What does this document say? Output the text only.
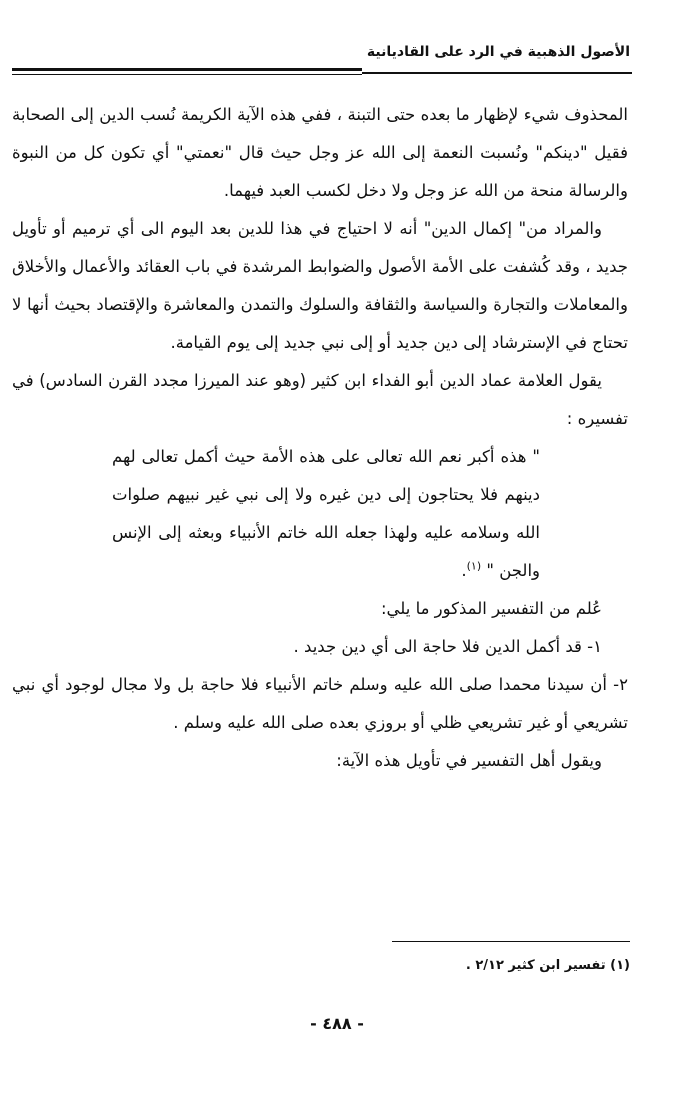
الأصول الذهبية في الرد على القاديانية

المحذوف شيء لإظهار ما بعده حتى التبنة ، ففي هذه الآية الكريمة نُسب الدين إلى الصحابة فقيل "دينكم" ونُسبت النعمة إلى الله عز وجل حيث قال "نعمتي" أي تكون كل من النبوة والرسالة منحة من الله عز وجل ولا دخل لكسب العبد فيهما.

والمراد من" إكمال الدين" أنه لا احتياج في هذا للدين بعد اليوم الى أي ترميم أو تأويل جديد ، وقد كُشفت على الأمة الأصول والضوابط المرشدة في باب العقائد والأعمال والأخلاق والمعاملات والتجارة والسياسة والثقافة والسلوك والتمدن والمعاشرة والإقتصاد بحيث أنها لا تحتاج في الإسترشاد إلى دين جديد أو إلى نبي جديد إلى يوم القيامة.

يقول العلامة عماد الدين أبو الفداء ابن كثير (وهو عند الميرزا مجدد القرن السادس) في تفسيره :

" هذه أكبر نعم الله تعالى على هذه الأمة حيث أكمل تعالى لهم دينهم فلا يحتاجون إلى دين غيره ولا إلى نبي غير نبيهم صلوات الله وسلامه عليه ولهذا جعله الله خاتم الأنبياء وبعثه إلى الإنس والجن " $^{(١)}$.

عُلم من التفسير المذكور ما يلي:

١- قد أكمل الدين فلا حاجة الى أي دين جديد .

٢- أن سيدنا محمدا صلى الله عليه وسلم خاتم الأنبياء فلا حاجة بل ولا مجال لوجود أي نبي تشريعي أو غير تشريعي ظلي أو بروزي بعده صلى الله عليه وسلم .

ويقول أهل التفسير في تأويل هذه الآية:

(١) تفسير ابن كثير ٢/١٢ .
- ٤٨٨ -
